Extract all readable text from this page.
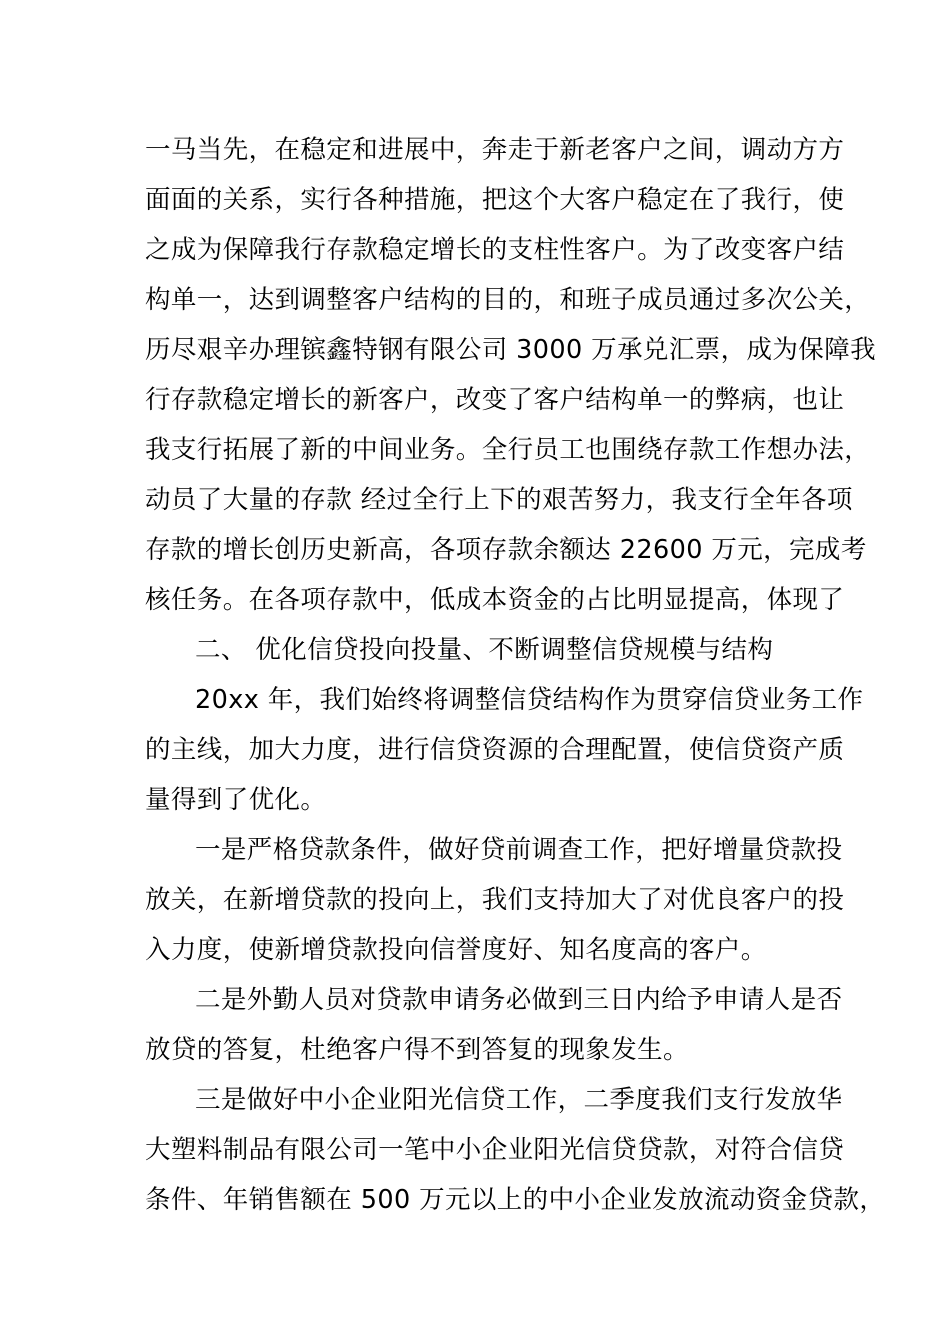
一马当先，在稳定和进展中，奔走于新老客户之间，调动方方
面面的关系，实行各种措施，把这个大客户稳定在了我行，使
之成为保障我行存款稳定增长的支柱性客户。为了改变客户结
构单一，达到调整客户结构的目的，和班子成员通过多次公关，
历尽艰辛办理镔鑫特钢有限公司 3000 万承兑汇票，成为保障我
行存款稳定增长的新客户，改变了客户结构单一的弊病，也让
我支行拓展了新的中间业务。全行员工也围绕存款工作想办法，
动员了大量的存款 经过全行上下的艰苦努力，我支行全年各项
存款的增长创历史新高，各项存款余额达 22600 万元，完成考
核任务。在各项存款中，低成本资金的占比明显提高，体现了
二、 优化信贷投向投量、不断调整信贷规模与结构
20xx 年，我们始终将调整信贷结构作为贯穿信贷业务工作
的主线，加大力度，进行信贷资源的合理配置，使信贷资产质
量得到了优化。
一是严格贷款条件，做好贷前调查工作，把好增量贷款投
放关，在新增贷款的投向上，我们支持加大了对优良客户的投
入力度，使新增贷款投向信誉度好、知名度高的客户。
二是外勤人员对贷款申请务必做到三日内给予申请人是否
放贷的答复，杜绝客户得不到答复的现象发生。
三是做好中小企业阳光信贷工作，二季度我们支行发放华
大塑料制品有限公司一笔中小企业阳光信贷贷款，对符合信贷
条件、年销售额在 500 万元以上的中小企业发放流动资金贷款，
